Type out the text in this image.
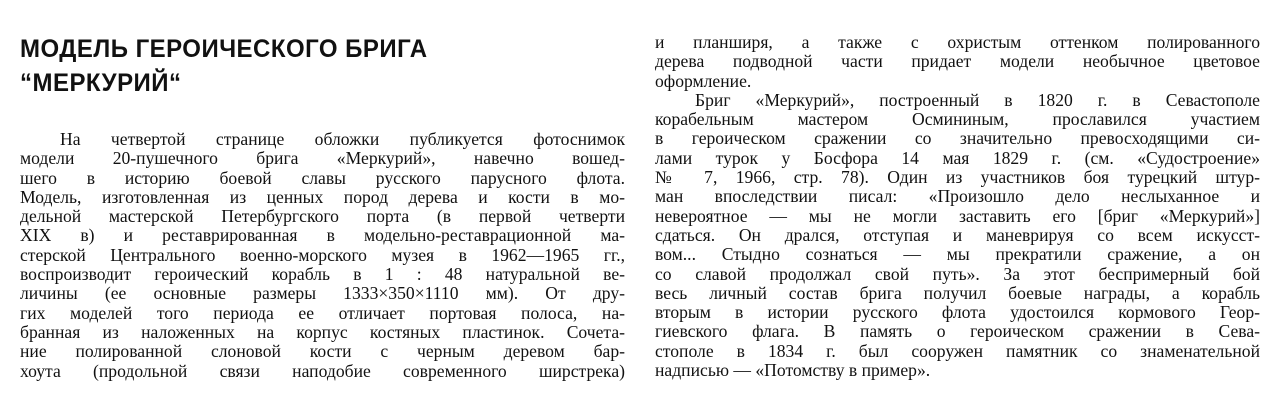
МОДЕЛЬ ГЕРОИЧЕСКОГО БРИГА
“МЕРКУРИЙ“

На четвертой странице обложки публикуется фотоснимок
модели 20-пушечного брига «Меркурий», навечно вошед-
шего в историю боевой славы русского парусного флота.
Модель, изготовленная из ценных пород дерева и кости в мо-
дельной мастерской Петербургского порта (в первой четверти
XIX в) и реставрированная в модельно-реставрационной ма-
стерской Центрального военно-морского музея в 1962—1965 гг.,
воспроизводит героический корабль в 1 : 48 натуральной ве-
личины (ее основные размеры 1333×350×1110 мм). От дру-
гих моделей того периода ее отличает портовая полоса, на-
бранная из наложенных на корпус костяных пластинок. Сочета-
ние полированной слоновой кости с черным деревом бар-
хоута (продольной связи наподобие современного ширстрека)

и планширя, а также с охристым оттенком полированного
дерева подводной части придает модели необычное цветовое
оформление.

Бриг «Меркурий», построенный в 1820 г. в Севастополе
корабельным мастером Осмининым, прославился участием
в героическом сражении со значительно превосходящими си-
лами турок у Босфора 14 мая 1829 г. (см. «Судостроение»
№ 7, 1966, стр. 78). Один из участников боя турецкий штур-
ман впоследствии писал: «Произошло дело неслыханное и
невероятное — мы не могли заставить его [бриг «Меркурий»]
сдаться. Он дрался, отступая и маневрируя со всем искусст-
вом... Стыдно сознаться — мы прекратили сражение, а он
со славой продолжал свой путь». За этот беспримерный бой
весь личный состав брига получил боевые награды, а корабль
вторым в истории русского флота удостоился кормового Геор-
гиевского флага. В память о героическом сражении в Сева-
стополе в 1834 г. был сооружен памятник со знаменательной
надписью — «Потомству в пример».
